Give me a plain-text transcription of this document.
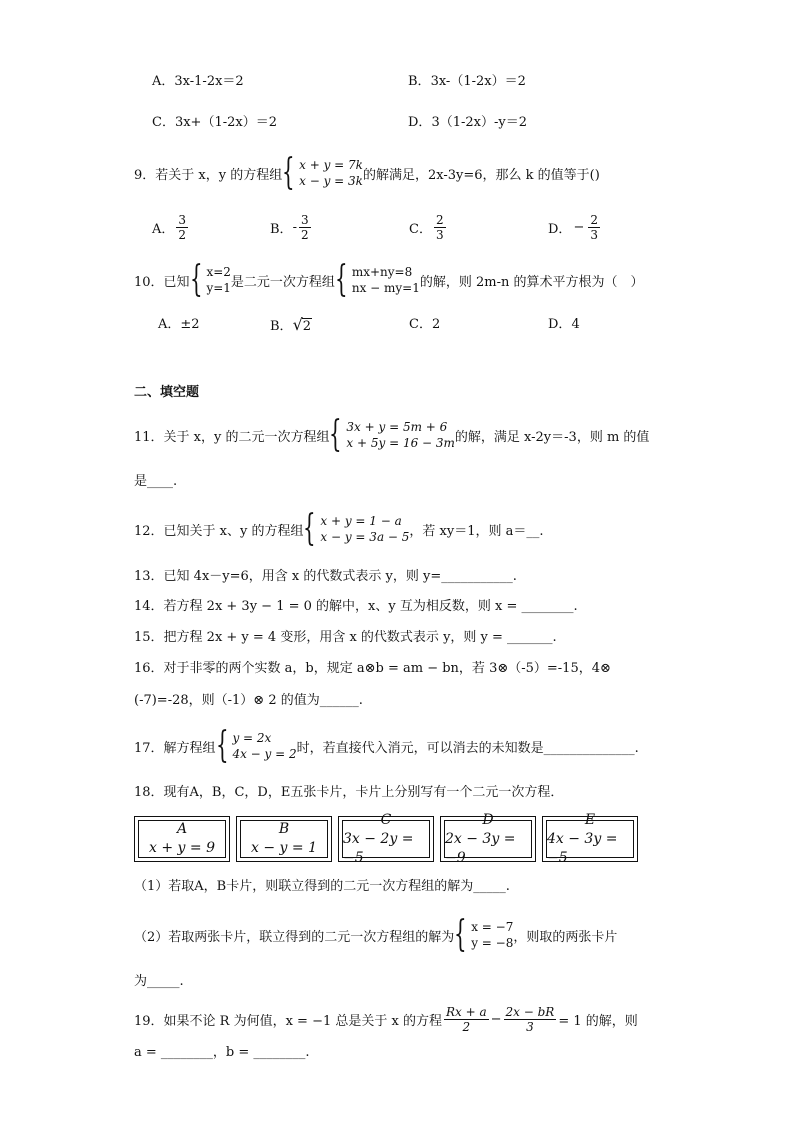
A．3x-1-2x＝2	B．3x-（1-2x）＝2
C．3x+（1-2x）＝2	D．3（1-2x）-y＝2
9．若关于 x，y 的方程组 { x + y = 7k
x − y = 3k 的解满足，2x-3y=6，那么 k 的值等于()
A． $\frac{3}{2}$	B． - $\frac{3}{2}$	C． $\frac{2}{3}$	D． − $\frac{2}{3}$
10．已知 { x=2
y=1 是二元一次方程组 { mx+ny=8
nx − my=1 的解，则 2m-n 的算术平方根为（　）
A．±2	B． √ 2	C．2	D．4
二、填空题
11．关于 x，y 的二元一次方程组 { 3x + y = 5m + 6
x + 5y = 16 − 3m 的解，满足 x-2y＝-3，则 m 的值
是____.
12．已知关于 x、y 的方程组 { x + y = 1 − a
x − y = 3a − 5 ，若 xy＝1，则 a＝__.
13．已知 4x－y=6，用含 x 的代数式表示 y，则 y=___________.
14．若方程 2x + 3y − 1 = 0 的解中，x、y 互为相反数，则 x = ________.
15．把方程 2x + y = 4 变形，用含 x 的代数式表示 y，则 y = _______.
16．对于非零的两个实数 a，b，规定 a⊗b = am − bn，若 3⊗（-5）=-15，4⊗
(-7)=-28，则（-1）⊗ 2 的值为______.
17．解方程组 { y = 2x
4x − y = 2 时，若直接代入消元，可以消去的未知数是______________.
18．现有A，B，C，D，E五张卡片，卡片上分别写有一个二元一次方程．
A
x + y = 9
B
x − y = 1
C
3x − 2y = −5
D
2x − 3y = −9
E
4x − 3y = −5
（1）若取A，B卡片，则联立得到的二元一次方程组的解为_____.
（2）若取两张卡片，联立得到的二元一次方程组的解为 { x = −7
y = −8 ，则取的两张卡片
为_____.
19．如果不论 R 为何值，x = −1 总是关于 x 的方程 $\frac{Rx + a}{2} - \frac{2x - bR}{3} = 1$ 的解，则
a = ________，b = ________.
